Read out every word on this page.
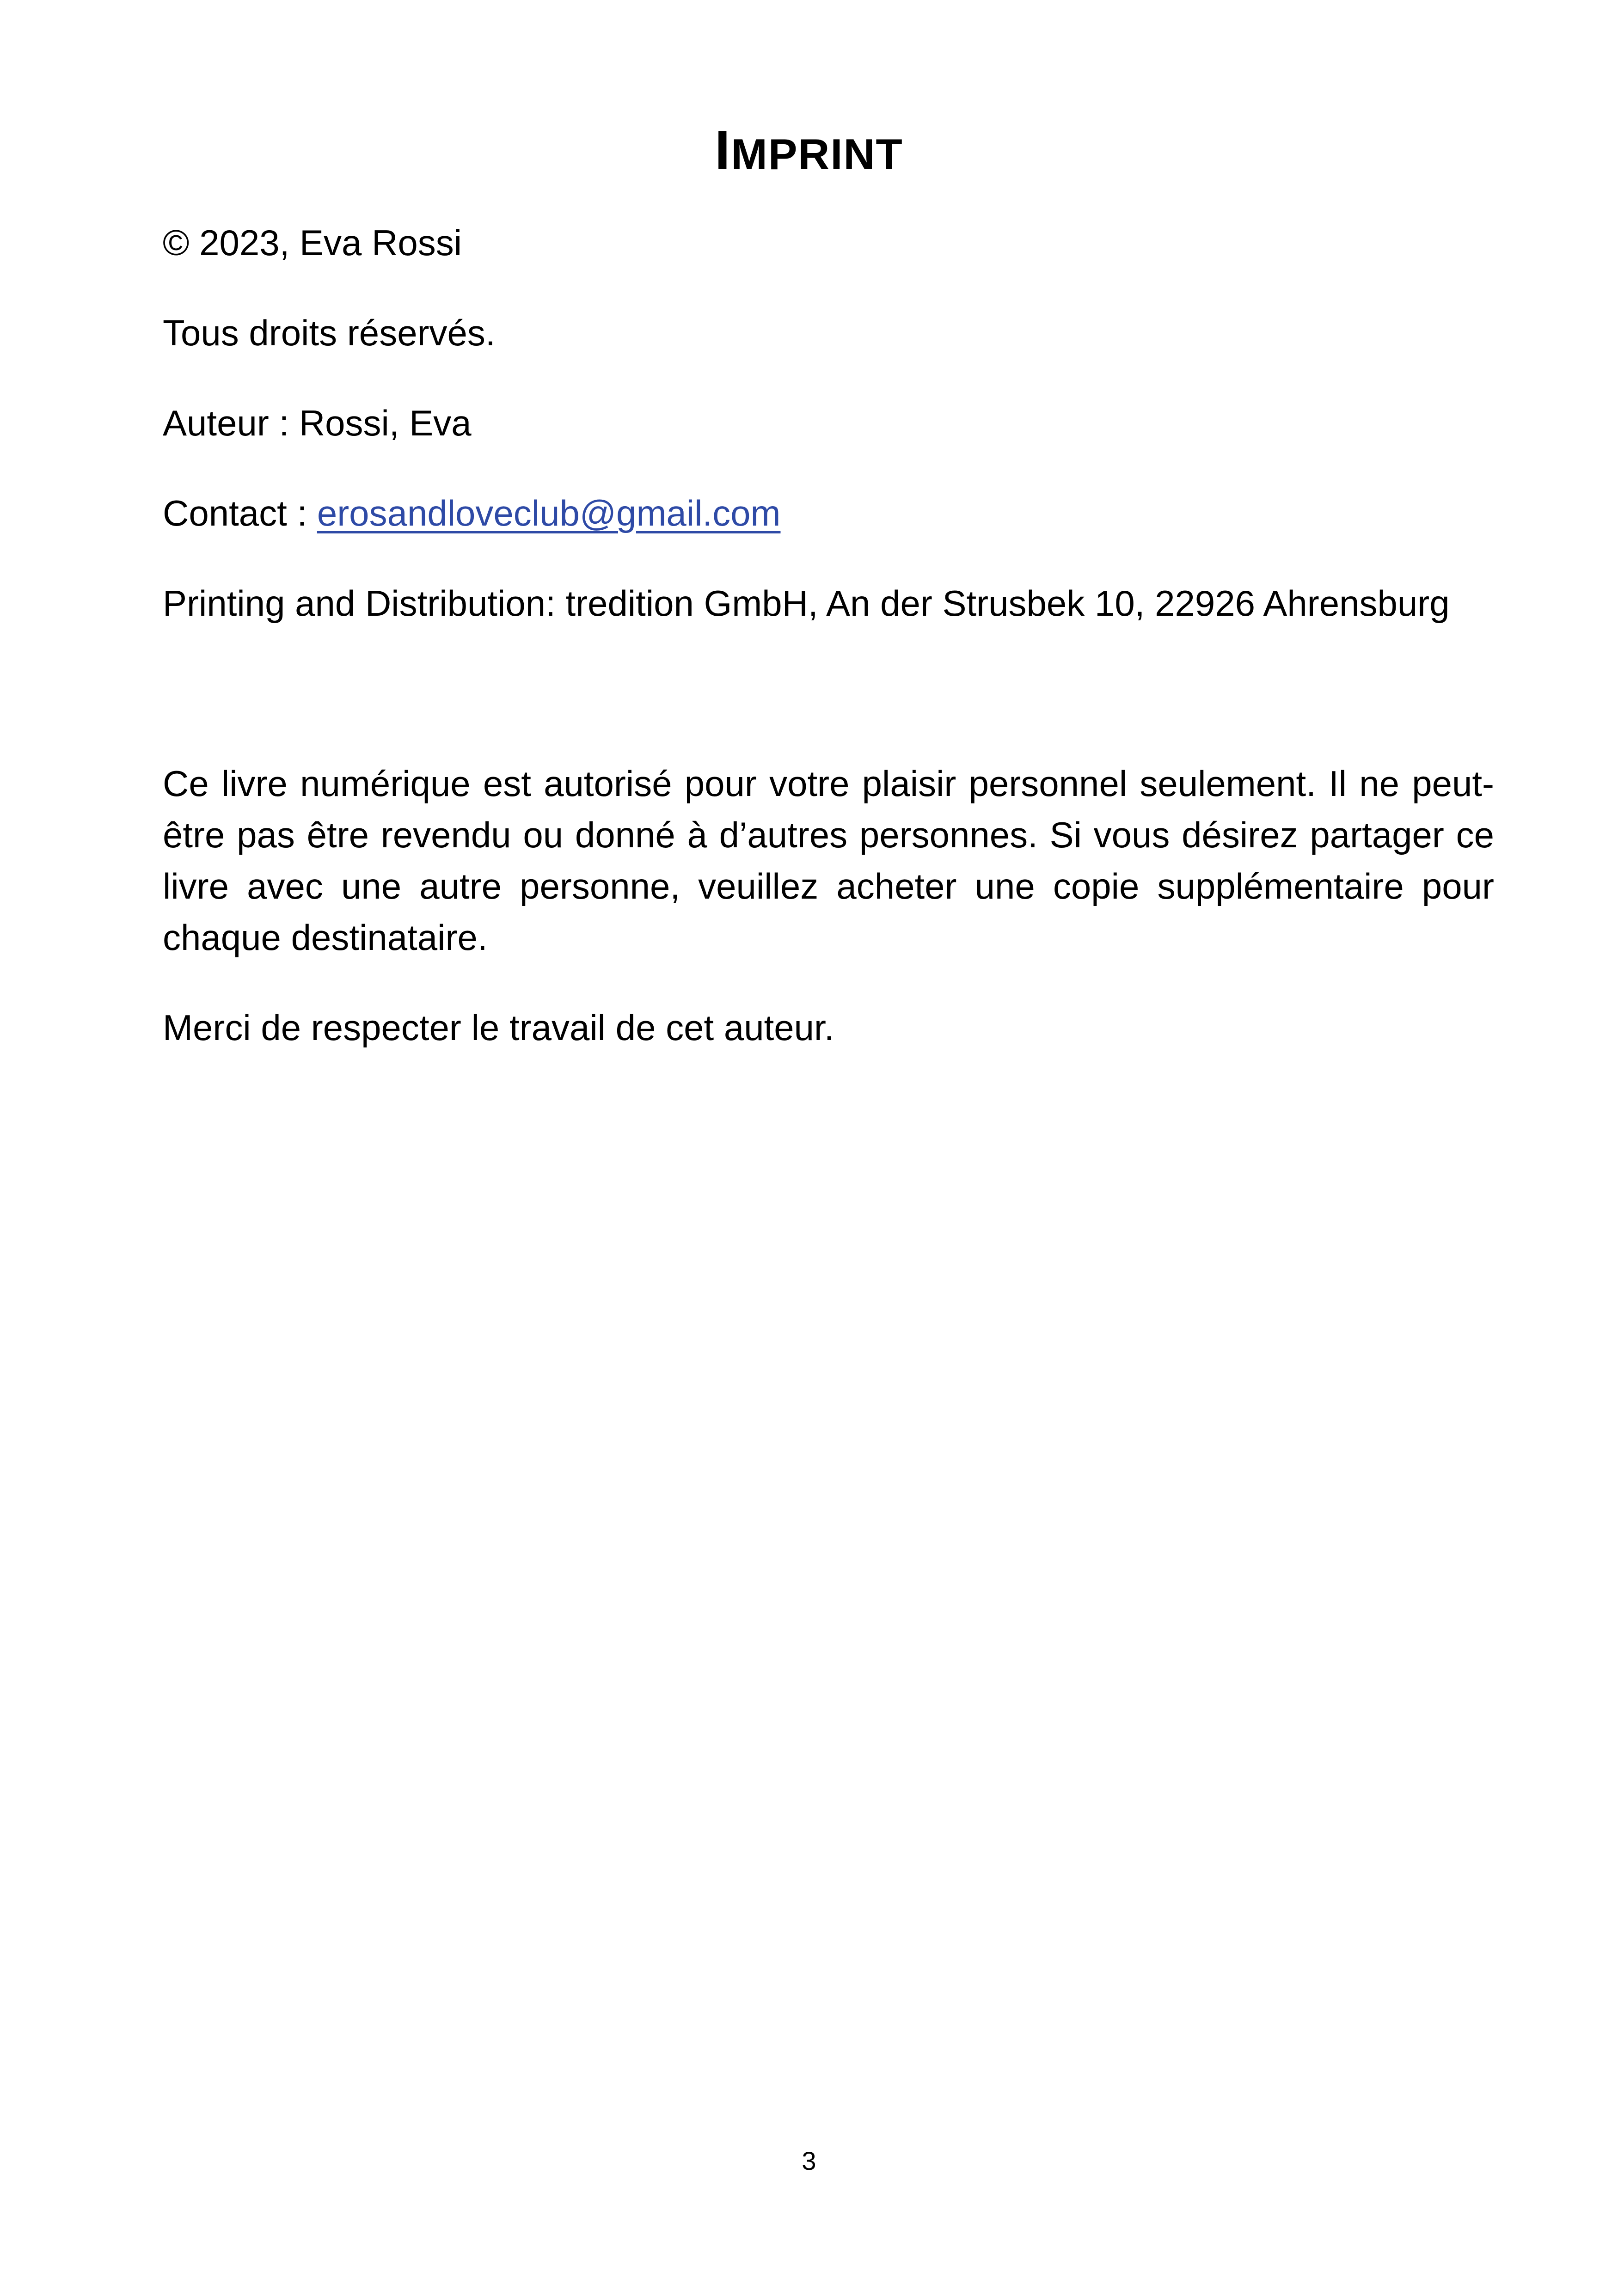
IMPRINT

© 2023, Eva Rossi

Tous droits réservés.

Auteur : Rossi, Eva

Contact : erosandloveclub@gmail.com

Printing and Distribution: tredition GmbH, An der Strusbek 10, 22926 Ahrensburg

Ce livre numérique est autorisé pour votre plaisir personnel seulement. Il ne peut-être pas être revendu ou donné à d’autres personnes. Si vous désirez partager ce livre avec une autre personne, veuillez acheter une copie supplémentaire pour chaque destinataire.

Merci de respecter le travail de cet auteur.

3
